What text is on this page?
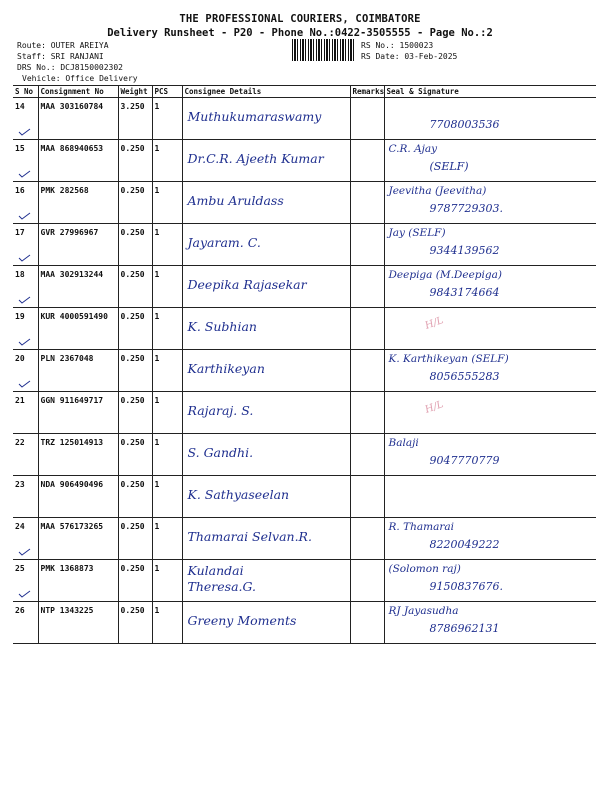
THE PROFESSIONAL COURIERS, COIMBATORE
Delivery Runsheet - P20 - Phone No.:0422-3505555 - Page No.:2
Route: OUTER AREIYA
Staff: SRI RANJANI
DRS No.: DCJ8150002302
Vehicle: Office Delivery
RS No.: 1500023
RS Date: 03-Feb-2025
S No	Consignment No	Weight	PCS	Consignee Details	Remarks	Seal & Signature
14	MAA 303160784	3.250	1	Muthukumaraswamy		7708003536

15	MAA 868940653	0.250	1	Dr.C.R. Ajeeth Kumar		C.R. Ajay
(SELF)

16	PMK 282568	0.250	1	Ambu Aruldass		Jeevitha (Jeevitha)
9787729303.

17	GVR 27996967	0.250	1	Jayaram. C.		Jay (SELF)
9344139562

18	MAA 302913244	0.250	1	Deepika Rajasekar		Deepiga (M.Deepiga)
9843174664

19	KUR 4000591490	0.250	1	K. Subhian		H/L

20	PLN 2367048	0.250	1	Karthikeyan		K. Karthikeyan (SELF)
8056555283

21	GGN 911649717	0.250	1	Rajaraj. S.		H/L

22	TRZ 125014913	0.250	1	S. Gandhi.		Balaji
9047770779

23	NDA 906490496	0.250	1	K. Sathyaseelan		

24	MAA 576173265	0.250	1	Thamarai Selvan.R.		R. Thamarai
8220049222

25	PMK 1368873	0.250	1	Kulandai
Theresa.G.		(Solomon raj)
9150837676.

26	NTP 1343225	0.250	1	Greeny Moments		RJ Jayasudha
8786962131
